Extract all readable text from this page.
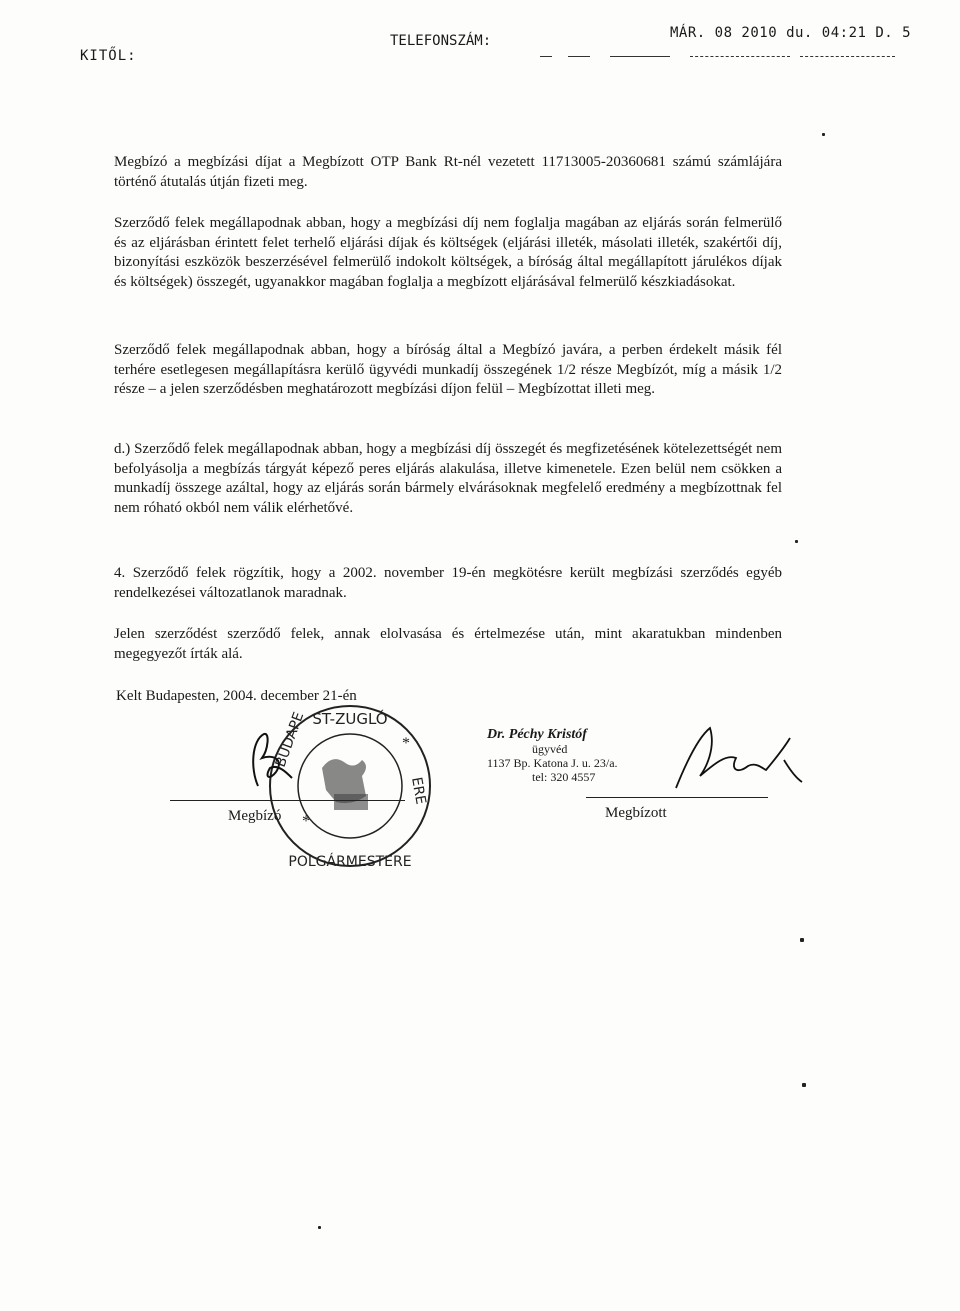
KITŐL:
TELEFONSZÁM:	MÁR. 08 2010 du. 04:21 D. 5

Megbízó a megbízási díjat a Megbízott OTP Bank Rt-nél vezetett 11713005-20360681 számú számlájára történő átutalás útján fizeti meg.

Szerződő felek megállapodnak abban, hogy a megbízási díj nem foglalja magában az eljárás során felmerülő és az eljárásban érintett felet terhelő eljárási díjak és költségek (eljárási illeték, másolati illeték, szakértői díj, bizonyítási eszközök beszerzésével felmerülő indokolt költségek, a bíróság által megállapított járulékos díjak és költségek) összegét, ugyanakkor magában foglalja a megbízott eljárásával felmerülő készkiadásokat.

Szerződő felek megállapodnak abban, hogy a bíróság által a Megbízó javára, a perben érdekelt másik fél terhére esetlegesen megállapításra kerülő ügyvédi munkadíj összegének 1/2 része Megbízót, míg a másik 1/2 része – a jelen szerződésben meghatározott megbízási díjon felül – Megbízottat illeti meg.

d.) Szerződő felek megállapodnak abban, hogy a megbízási díj összegét és megfizetésének kötelezettségét nem befolyásolja a megbízás tárgyát képező peres eljárás alakulása, illetve kimenetele. Ezen belül nem csökken a munkadíj összege azáltal, hogy az eljárás során bármely elvárásoknak megfelelő eredmény a megbízottnak fel nem róható okból nem válik elérhetővé.

4. Szerződő felek rögzítik, hogy a 2002. november 19-én megkötésre került megbízási szerződés egyéb rendelkezései változatlanok maradnak.

Jelen szerződést szerződő felek, annak elolvasása és értelmezése után, mint akaratukban mindenben megegyezőt írták alá.

Kelt Budapesten, 2004. december 21-én
ST-ZUGLÓ
BUDAPE
ERE
POLGÁRMESTERE
*
*
Megbízó
Dr. Péchy Kristóf
ügyvéd
1137 Bp. Katona J. u. 23/a.
tel: 320 4557
Megbízott
